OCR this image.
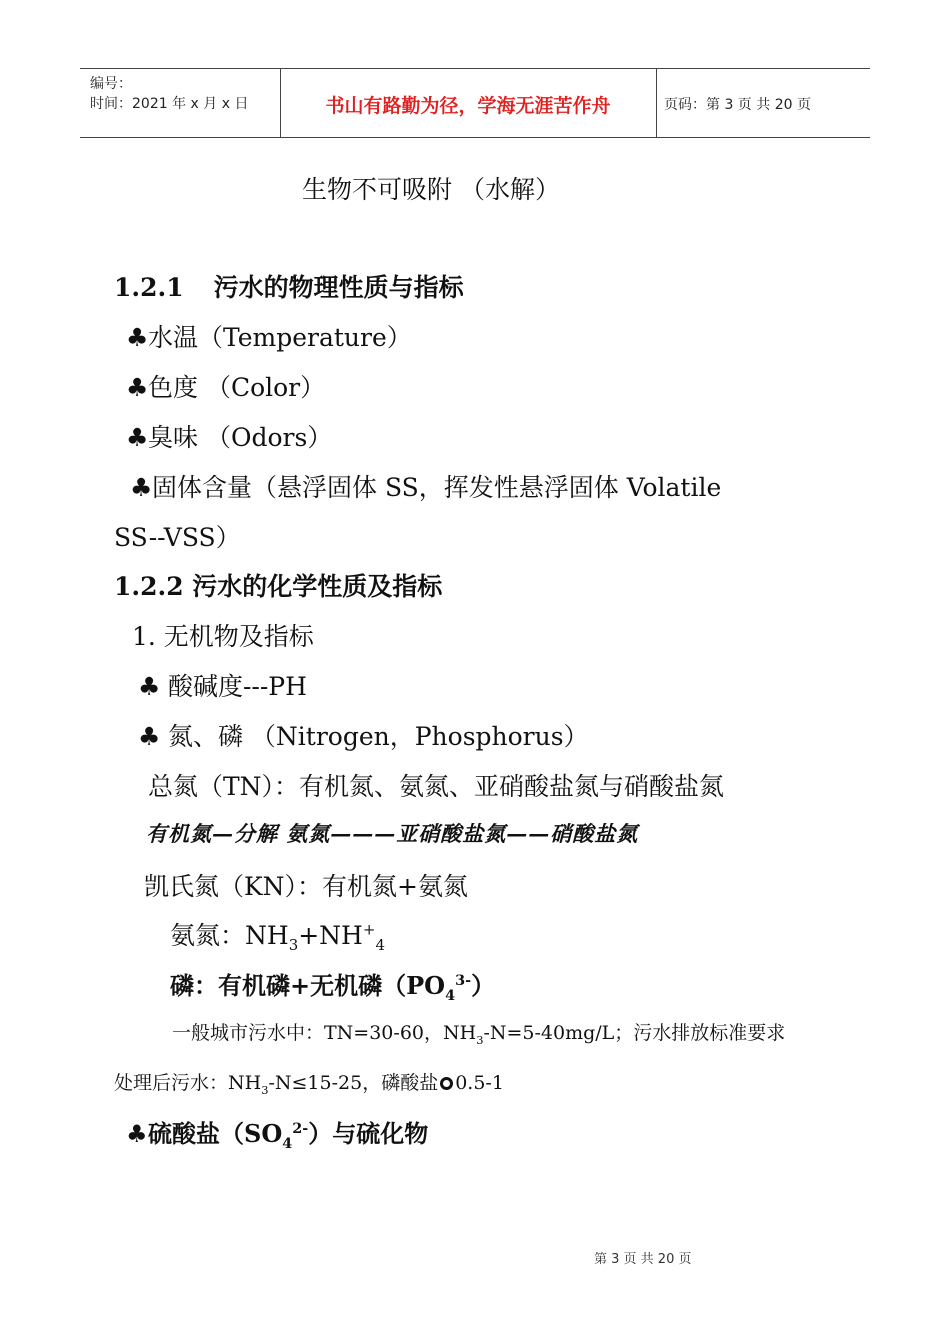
编号：
时间：2021 年 x 月 x 日	书山有路勤为径，学海无涯苦作舟	页码：第 3 页 共 20 页
生物不可吸附 （水解）
1.2.1 污水的物理性质与指标
♣水温（Temperature）
♣色度 （Color）
♣臭味 （Odors）
♣固体含量（悬浮固体 SS，挥发性悬浮固体 Volatile
SS--VSS）
1.2.2 污水的化学性质及指标
1. 无机物及指标
♣ 酸碱度---PH
♣ 氮、磷 （Nitrogen，Phosphorus）
总氮（TN）：有机氮、氨氮、亚硝酸盐氮与硝酸盐氮
有机氮—分解 氨氮———亚硝酸盐氮——硝酸盐氮
凯氏氮（KN）：有机氮+氨氮
氨氮：$NH_3+NH^+_4$
磷：有机磷+无机磷$(PO_4^{3-})$
一般城市污水中：TN=30-60，$NH_3-N=5-40mg/L$；污水排放标准要求
处理后污水：$NH_3-N\le 15-25$，磷酸盐 0.5-1
♣硫酸盐$(SO_4^{2-})$与硫化物
第 3 页 共 20 页
